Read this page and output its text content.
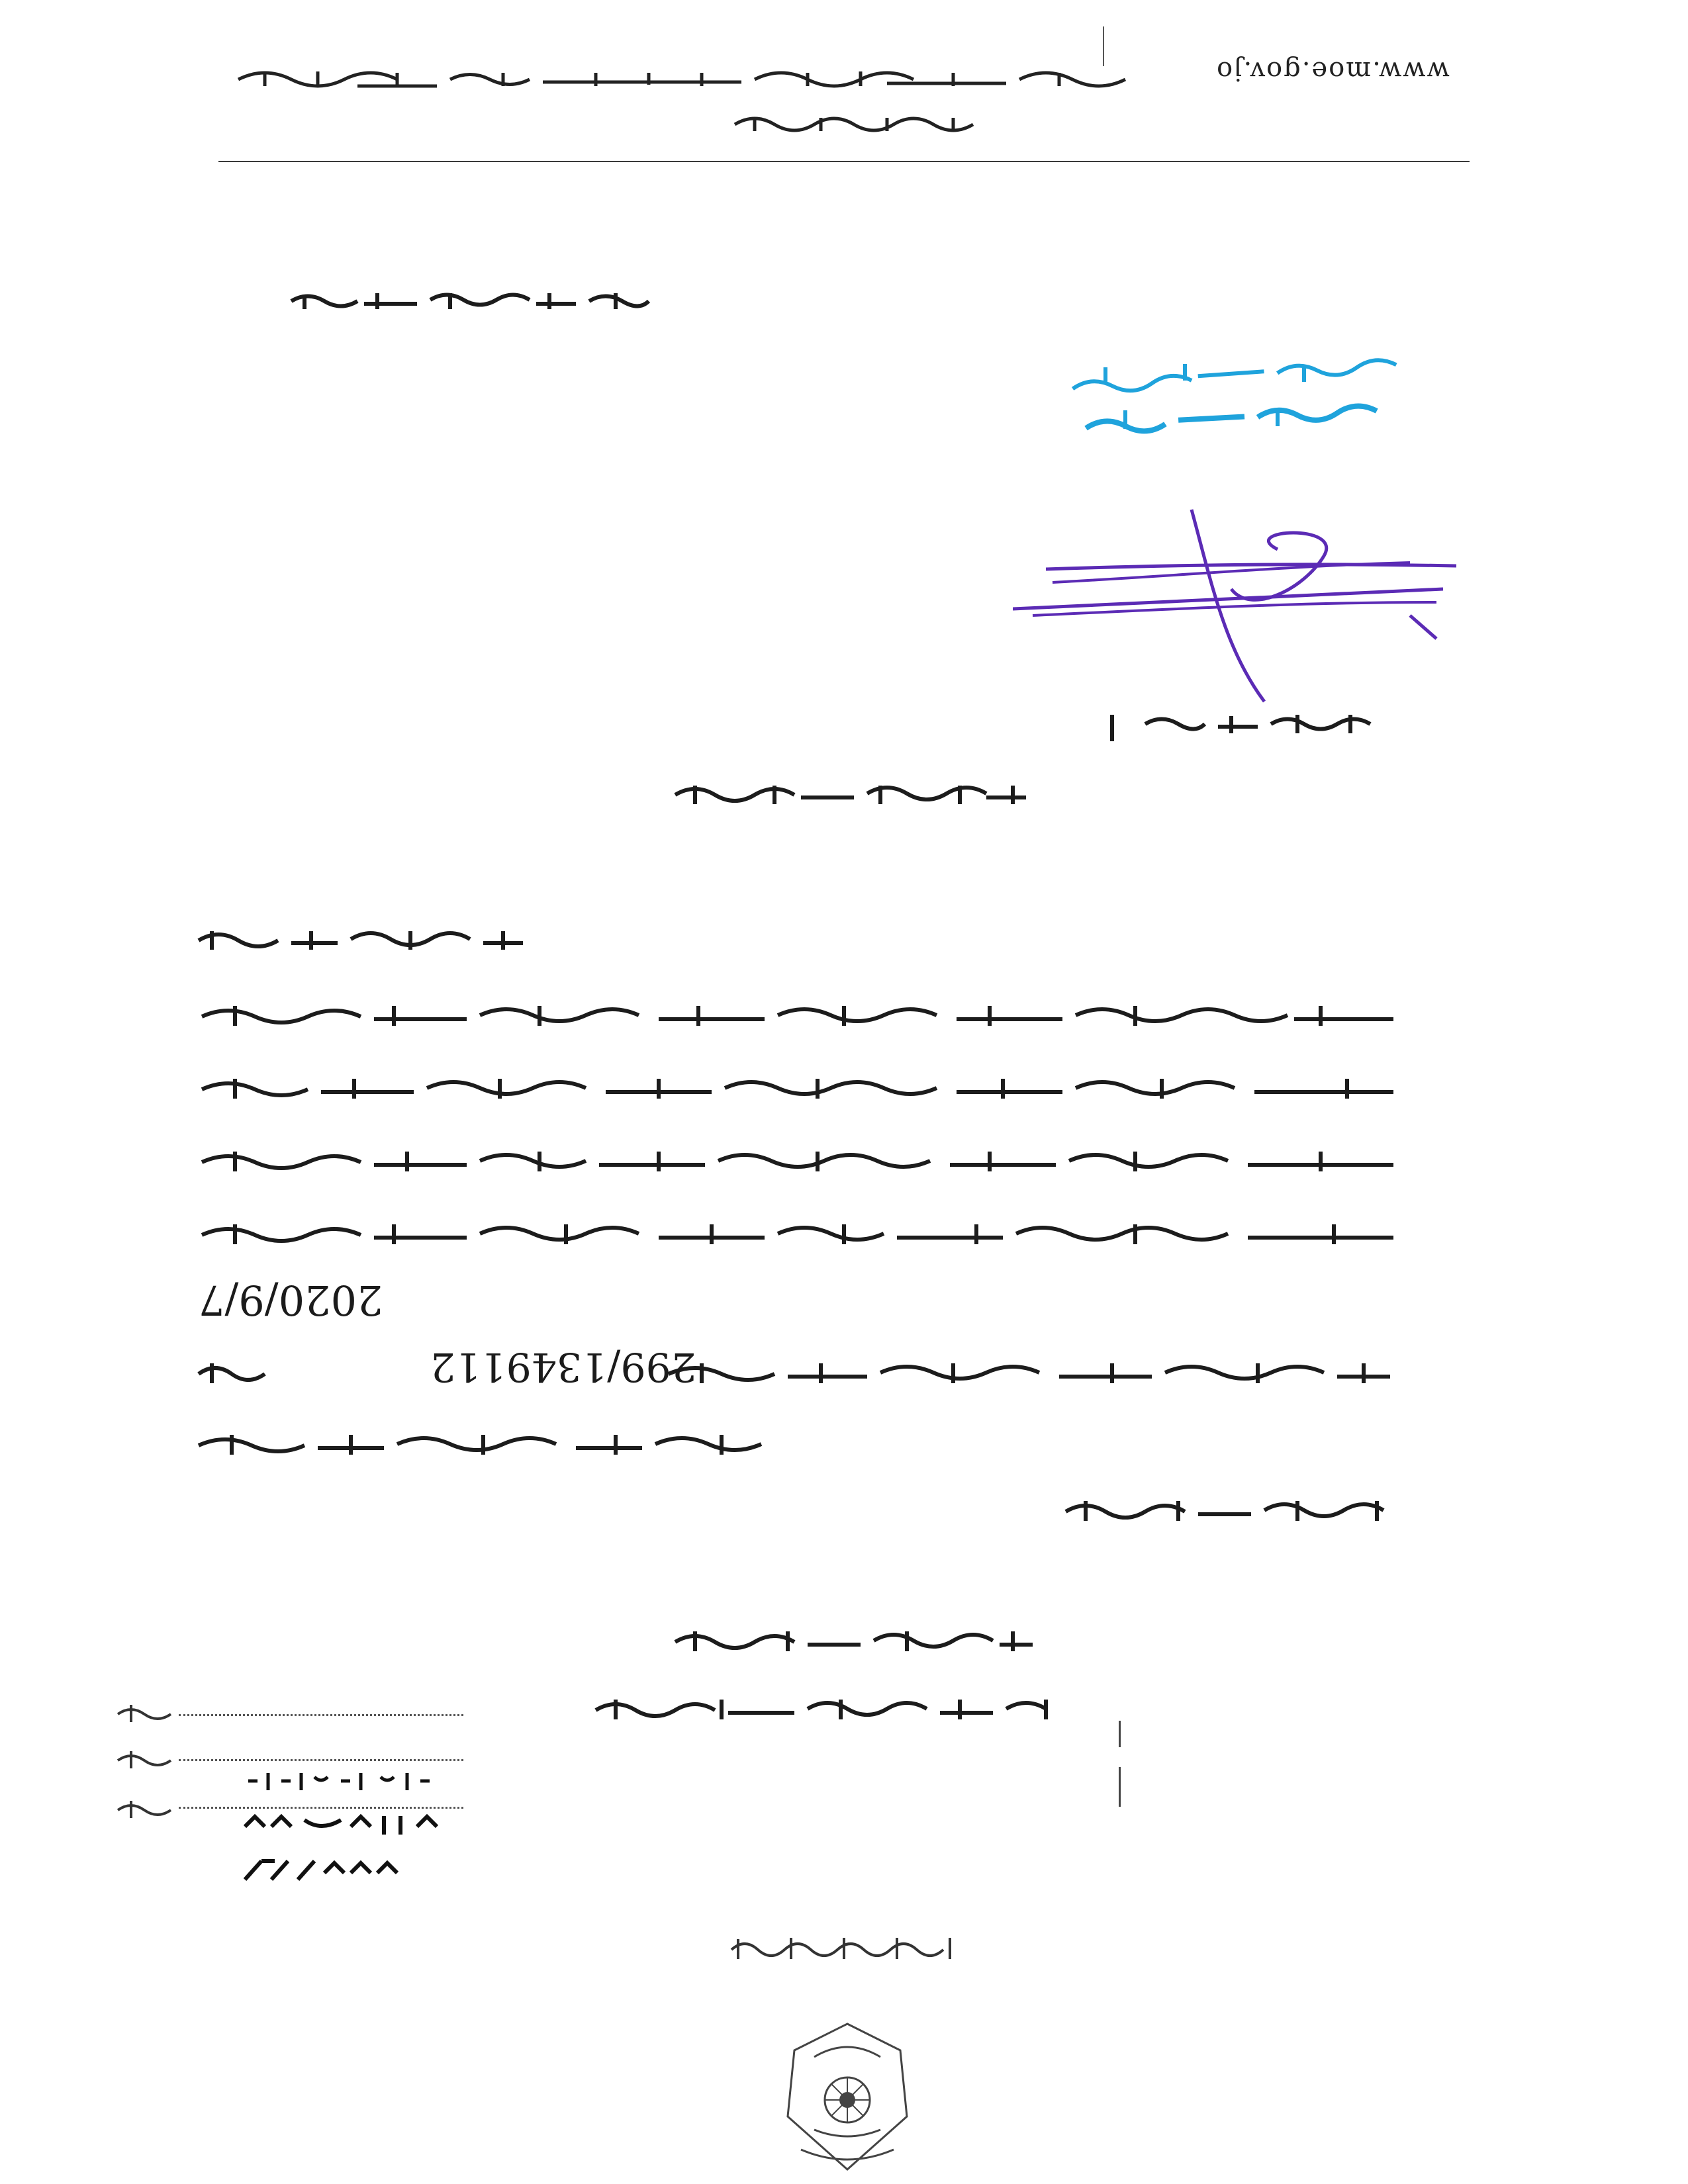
www.moe.gov.jo
2020/9/7
299/1349112
